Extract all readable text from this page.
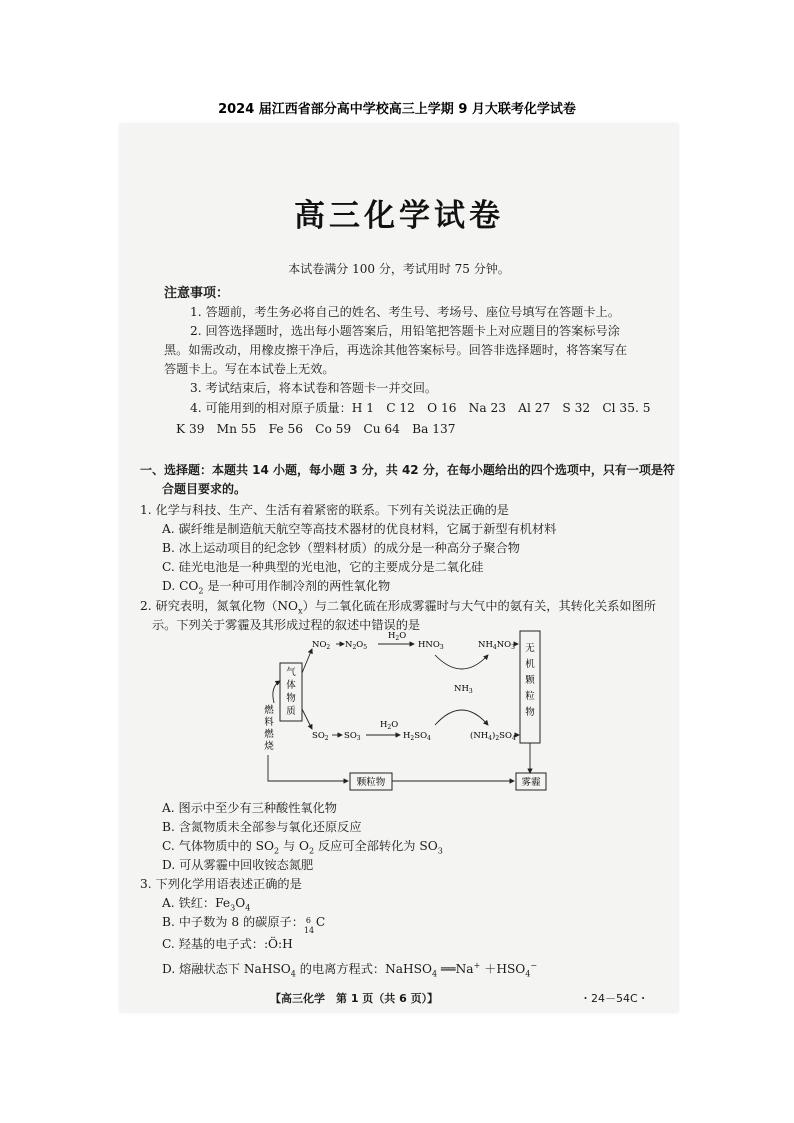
2024 届江西省部分高中学校高三上学期 9 月大联考化学试卷
高三化学试卷
本试卷满分 100 分，考试用时 75 分钟。
注意事项：
1. 答题前，考生务必将自己的姓名、考生号、考场号、座位号填写在答题卡上。
2. 回答选择题时，选出每小题答案后，用铅笔把答题卡上对应题目的答案标号涂
黑。如需改动，用橡皮擦干净后，再选涂其他答案标号。回答非选择题时，将答案写在
答题卡上。写在本试卷上无效。
3. 考试结束后，将本试卷和答题卡一并交回。
4. 可能用到的相对原子质量：H 1　C 12　O 16　Na 23　Al 27　S 32　Cl 35. 5
K 39　Mn 55　Fe 56　Co 59　Cu 64　Ba 137
一、选择题：本题共 14 小题，每小题 3 分，共 42 分，在每小题给出的四个选项中，只有一项是符
合题目要求的。
1. 化学与科技、生产、生活有着紧密的联系。下列有关说法正确的是
A. 碳纤维是制造航天航空等高技术器材的优良材料，它属于新型有机材料
B. 冰上运动项目的纪念钞（塑料材质）的成分是一种高分子聚合物
C. 硅光电池是一种典型的光电池，它的主要成分是二氧化硅
D. $CO_2$ 是一种可用作制冷剂的两性氧化物
2. 研究表明，氮氧化物$(NO_x)$与二氧化硫在形成雾霾时与大气中的氨有关，其转化关系如图所
示。下列关于雾霾及其形成过程的叙述中错误的是
气
体
物
质
燃
料
燃
烧
$NO_2$ $N_2O_5$
$H_2O$
$HNO_3$	$NH_4NO_3$
$NH_3$
$SO_2$ $SO_3$
$H_2O$
$H_2SO_4$	$(NH_4)_2SO_4$
无
机
颗
粒
物
颗粒物	雾霾
A. 图示中至少有三种酸性氧化物
B. 含氮物质未全部参与氧化还原反应
C. 气体物质中的 $SO_2$ 与 $O_2$ 反应可全部转化为 $SO_3$
D. 可从雾霾中回收铵态氮肥
3. 下列化学用语表述正确的是
A. 铁红：$Fe_3O_4$
B. 中子数为 8 的碳原子： 6
14
C
C. 羟基的电子式：:Ö:H
D. 熔融状态下 NaHSO$_4$ 的电离方程式：NaHSO$_4$ ══Na+ $+HSO_4^-$
【高三化学　第 1 页（共 6 页）】	・24－54C・
